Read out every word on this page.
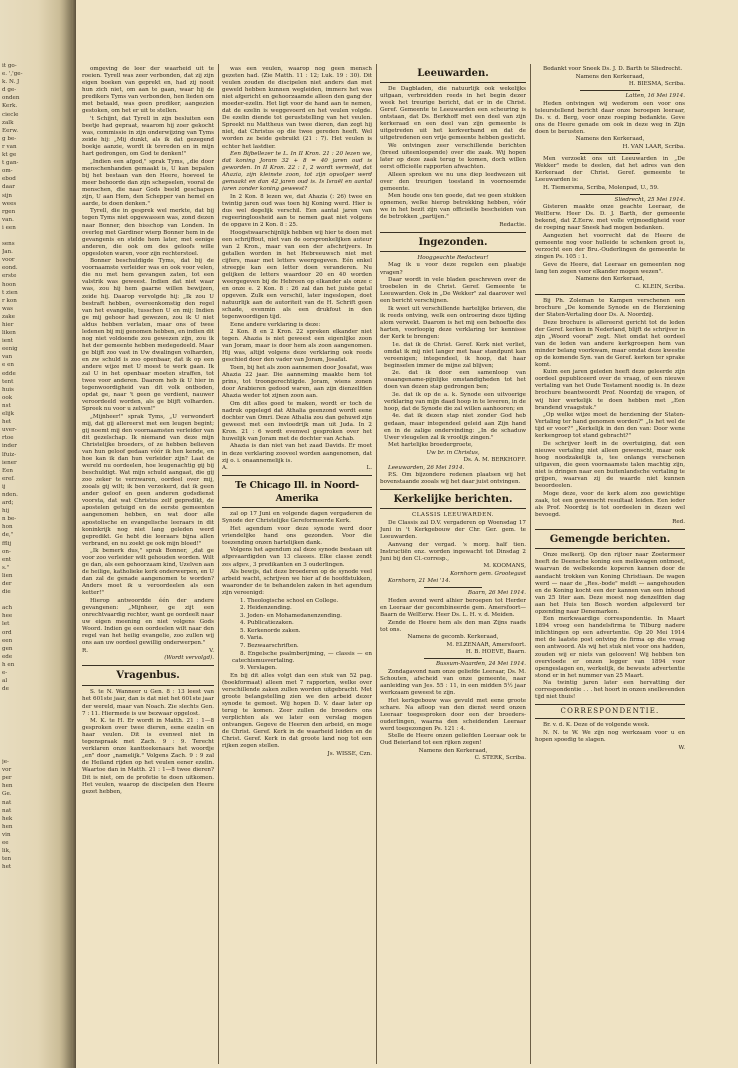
it go-
e. ','ge-
k. N. J
d ge-
onden
Kerk.
ciecle
zalk
Eerw.
g be-
r van
kt ge
t gan-
om-
ebod
daar
sijn
wees
rgen
van.
i een

sens
Jan.
voor
eond.
erste
hoon
t zien
r kon
was
zake
hier
liken
ient
eenig
van
e en
edde
tent
huis
ook
nst
elijk
het
uver-
rtoe
inder
lfuiz-
iener
Een
eref.
ij
nden.
ard;
hij
n be-
hon
de,"
fflij
on-
ent
s."
lien
der
die

ach
hee
let
ord
een
gen
ede
h en
e-
al
de

je-
vor
per
hen
Ge.
nat
nat
hek
hen
vin
ee
lik,
ten
het

omgeving de leer der waarheid uit te roeien. Tyrell was zeer verbonden, dat zij zijn eigen boeken van geprekt en, had zij nooit hun zich niet, om aan te gaan, waar hij de predikers Tyms van verbonden, hen lieden om met betaald, was geen prediker, aangezien gestoken, om het er uit te stellen.

't Schijnt, dat Tyrell in zijn besluiten een beetje had gepraat, waarom hij zoer gekocht was, commissie in zijn onderwijzing van Tyms zeide hij: „Mij dunkt, als ik dat gezegend boekje aanzie, wordt ik tevreden en in mijn hart gedrongen, om God te denken!"

„Indien een afgod," sprak Tyms, „die door menschenhanden gemaakt is, U kan bepalen bij het bestaan van den Heere, hoeveel te meer behoorde dan zijn schepselen, vooral de menschen, die naar Gods beeld geschapen zijn, U aan Hem, den Schepper van hemel en aarde, te doen denken."

Tyrell, die in gesprek wel merkte, dat bij tegen Tyms niet opgewassen was, zond dezen naar Bonner, den bisschop van Londen. In overleg met Gardiner wierp Bonner hem in de gevangenis en stelde hem later, met eenige anderen, die ook om des geloofs wille opgesloten waren, voor zijn rechterstoel.

Bonner beschuldigde Tyms, dat bij de voornaamste verleider was en ook voor velen, die nu met hem gevangen zaten, tot een valstrik was geweest. Indien dat niet waar was, zou hij hem gaarne willen bewijzen, zeide hij. Daarop vervolgde hij: „Ik zou U bestraft hebben, overeenkomstig den regel van het evangelie, tusschen U en mij: Indien ge mij gehoor had gewezen, zou ik U niet aldus hebben verlaten, maar ons of twee ledenen bij mij genomen hebben, en indien dit nog niet voldoende zou gewezen zijn, zou ik het der gemeente hebben medegedeeld. Maar ge blijft zoo vast in Uw dwalingen volharden, en zw schuld is zoo openbaar, dat ik op een andere wijze met U moest te werk gaan. Ik zal U in het openbaar moeten straffen, tot twee voor anderen. Daarom heb ik U hier in tegenwoordigheid van dit volk ontboden, opdat ge, naar 't geen ge verdient, nauwer veroordeeld worden, als ge blijft volharden. Spreek nu voor u zelven!"

„Mijnheer!" sprak Tyms, „U verwondert mij, dat gij allereerst met een leugen begint; gij noemt mij den voornaamsten verleider van dit gezelschap. Ik niemand van deze mijn Christelijke broeders, of ze hebben believen van hun geloof gedaan vóór ik hen kende, en hoe kan ik dan hun verleider zijn? Laat de wereld nu oordeelen, hoe leugenachtig gij bij beschuldigt. Wat mijn schuld aangaat, die gij zoo zeker te verzwaren, oordeel over mij, zooals gij wilt; ik ben verzekerd, dat ik geen ander geloof en geen anderen godsdienst voorsta, dat wat Christus zelf gepredikt, de apostelen getuigd en de eerste gemeenten aangenomen hebben, en wat door alle apostolische en evangelische leeraars in dit koninkrijk nog niet lang geleden werd gepredikt. Ge hebt die leeraars bijna allen verbrand, en nu zoekt ge ook mijn bloed!"

„Ik bemerk dus," sprak Bonner, „dat ge voor zoo verleider wilt gehouden worden. Wilt ge dan, als een gehoorzaam kind, Uzelven aan de heilige, katholieke kerk onderwerpen, en U dan zal de genade aangenomen te worden? Anders moet ik u veroordeelen als een ketter!"

Hierop antwoordde één der andere gevangenen: „Mijnheer, ge zijt een onrechtvaardig rechter, want ge oordeelt naar uw eigen meening en niet volgens Gods Woord. Indien ge een oordeelen wilt naar den regel van het heilig evangelie, zoo zullen wij ons aan uw oordeel gewillig onderwerpen."

R.	V.

(Wordt vervolgd).

Vragenbus.

S. te N. Wanneer u Gen. 8 : 13 leest van het 601ste jaar, dan is dat niet het 601ste jaar der wereld, maar van Noach. Zie slechts Gen. 7 : 11. Hiermede is uw bezwaar opgelost.

M. K. te H. Er wordt in Matth. 21 : 1—8 gesproken over twee dieren, eene ezelin en haar veulen. Dit is evenwel niet in tegenspraak met Zach. 9 : 9. Terecht verklaren onze kantteekenaars het woordje „en" door „namelijk." Volgens Zach. 9 : 9 zal de Heiland rijden op het veulen eener ezelin. Waartoe dan in Matth. 21 : 1—8 twee dieren? Dit is niet, om de profetie te doen uitkomen. Het veulen, waarop de discipelen den Heere gezet hebben,

was een veulen, waarop nog geen mensch gezeten had. (Zie Matth. 11 : 12; Luk. 19 : 30). Dit veulen zouden de discipelen niet anders dan met geweld hebben kunnen wegleiden, immers het was niet afgericht en gehoorzaamde alleen den gang der moeder-ezelin. Het ligt voor de hand aan te nemen, dat de ezelin is weggevoerd en het veulen volgde. De ezelin diende tot geruststelling van het veulen. Spreekt nu Mattheus van twee dieren, dan zegt hij niet, dat Christus op die twee gereden heeft. Wel worden ze beide gebruikt (21 : 7). Het veulen is echter het lastdier.

Een Bijbellezer te L. In II Kron. 21 : 20 lezen we, dat koning Joram 32 + 8 = 40 jaren oud is geworden. In II Kron. 22 : 1, 2 wordt vermeld, dat Ahazia, zijn kleinste zoon, tot zijn opvolger werd gemaakt en dan 42 jaren oud is. Is Israël en aantal jaren zonder koning geweest?

In 2 Kon. 8 lezen we, dat Ahazia (: 26) twee en twintig jaren oud was toen hij Koning werd. Hier is dus wel degelijk verschil. Een aantal jaren van regeeringloosheid aan te nemen gaat niet volgens de opgave in 2 Kon. 8 : 25.

Hoogstwaarschijnlijk hebben wij hier te doen met een schrijffout, niet van de oorspronkelijken auteur van 2 Kron., maar van een der afschrijvers. In getallen worden in het Hebreeuwsch niet met cijfers, maar met letters weergegeven. Eén enkel streepje kan een letter doen veranderen. Nu gelijken de letters waardoor 20 en 40 worden weergegeven bij de Hebreen op elkander als onze c en onze e. 2 Kon. 8 : 26 zal dan het juiste getal opgeven. Zulk een verschil, later ingeslopen, doet natuurlijk aan de autoriteit van de H. Schrift geen schade, evenmin als een drukfout in den tegenwoordigen tijd.

Eene andere verklaring is deze:

2 Kon. 8 en 2 Kron. 22 spreken elkander niet tegen. Ahazia is niet geweest een eigenlijke zoon van Joram, maar is door hem als zoon aangenomen. Hij was, altijd volgens deze verklaring ook reeds geschied door den vader van Joram, Josafat.

Toen, bij het als zoon aannemen door Josafat, was Ahazia 22 jaar. Die aanneming maakte hem tot prins, tot troongerechtigde. Joram, wiens zonen door Arabieren gedood waren, aan zijn dienzelfden Ahazia weder tot zijnen zoon aan.

Om dit alles goed te maken, wordt er toch de nadruk opgelegd dat Athalia geenzond wordt eene dochter van Omri. Deze Athalia zou dan gehuwd zijn geweest met een invloedrijk man uit Juda. In 2 Kron. 21 : 6 wordt evenwel gesproken over het huwelijk van Joram met de dochter van Achab.

Ahazia is dan niet van het zaad Davids. Er moet in deze verklaring zooveel worden aangenomen, dat zij o. i. onaannemelijk is.

A.	L.

Te Chicago Ill. in Noord-Amerika

zal op 17 Juni en volgende dagen vergaderen de Synode der Christelijke Gereformeerde Kerk.

Het agendum voor deze synode werd door vriendelijke hand ons gezonden. Voor die toezending onzen hartelijken dank.

Volgens het agendum zal deze synode bestaan uit afgevaardigden van 13 classes. Elke classe zendt zes afgev., 3 predikanten en 3 ouderlingen.

Als bewijs, dat deze broederen op de synode veel arbeid wacht, schrijven we hier af de hoofdstukken, waaronder de te behandelen zaken in het agendum zijn vereenigd:

1. Theologische school en College.

2. Heidenzending.

3. Joden- en Mohamedanenzending.

4. Publicatiezaken.

5. Kerkenorde zaken.

6. Varia.

7. Bezwaarschriften.

8. Engelsche psalmberijming, — classis — en catechismusvertaling.

9. Verslagen.

En bij dit alles volgt dan een stuk van 52 pag. (boekformaat) alleen met 7 rapporten, welke over verschillende zaken zullen worden uitgebracht. Met groote belangstelling zien we den arbeid dezer synode te gemoet. Wij hopen D. V. daar later op terug te komen. Zeer zullen de broeders ons verplichten als we later een verslag mogen ontvangen. Gegeve de Heeren den arbeid, en moge de Christ. Geref. Kerk in de waarheid leiden en de Christ. Geref. Kerk in dat groote land nog tot een rijken zegen stellen.

Js. WISSE, Czn.

Leeuwarden.

De Dagbladen, die natuurlijk ook wekelijks uitgaan, verbreidden reeds in het begin dezer week het treurige bericht, dat er in de Christ. Geref. Gemeente te Leeuwarden een scheuring is ontstaan, dat Ds. Berkhoff met een deel van zijn kerkeraad en een deel van zijn gemeente is uitgetreden uit het kerkverband en dat de uitgetredenen een vrije gemeente hebben gesticht.

We ontvingen zeer verschillende berichten (breed uiteenloopende) over die zaak. Wij hopen later op deze zaak terug te komen, doch willen eerst officieële rapporten afwachten.

Alleen spreken we nu uns diep leedwezen uit over den treurigen toestand in voornoemde gemeente.

Men houde ons ten goede, dat we geen stukken opnemen, welke hierop betrekking hebben, vóór we in het bezit zijn van officieële bescheiden van de betrokken „partijen."

Redactie.

Ingezonden.

Hooggeachte Redacteur!

Mag ik u voor deze regelen een plaatsje vragen?

Daar wordt in vele bladen geschreven over de troebelen in de Christ. Geref. Gemeente te Leeuwarden. Ook in „De Wekker" zal daarover wel een bericht verschijnen.

Ik weet uit verschillende hartelijke brieven, die ik reeds ontving, welk een ontroering deze tijding alom verwekt. Daarom is het mij een behoefte des harten, voorloopig deze verklaring ter kennisse der Kerk te brengen:

1e. dat ik de Christ. Geref. Kerk niet verliet, omdat ik mij niet langer met haar standpunt kan vereenigen; integendeel, ik hoop, dat haar beginselen immer de mijne zal blijven;

2e. dat ik door een samenloop van onaangename-pijnlijke omstandigheden tot het doen van dezen stap gedrongen ben;

3e. dat ik op de a. k. Synode een uitvoerige verklaring van mijn daad hoop in te leveren, in de hoop, dat de Synode die zal willen aanhooren; en

4e. dat ik dezen stap niet zonder God heb gedaan, maar integendeel geleid aan Zijn hand en in de zalige ondervinding: „In de schaduw Uwer vleugelen zal ik vroolijk zingen."

Met hartelijke broedergroete,

Uw br. in Christus,

Ds. A. M. BERKHOFF.

Leeuwarden, 26 Mei 1914.

P.S. Om bijzondere redenen plaatsen wij het bovenstaande zooals wij het daar juist ontvingen.

Kerkelijke berichten.

CLASSIS LEEUWARDEN.

De Classis zal D.V. vergaderen op Woensdag 17 Juni in 't Kerkgebouw der Chr. Ger. gem. te Leeuwarden.

Aanvang der vergad. 's morg. half tien. Instructiën enz. worden ingewacht tot Dinsdag 2 Juni bij den Cl.-corresp.,

M. KOOMANS,

Kornhorn gem. Grootegast

Kornhorn, 21 Mei '14.

Baarn, 26 Mei 1914.

Heden avond werd alhier beroepen tot Herder en Leeraar der gecombineerde gem. Amersfoort—Baarn de WelEerw. Heer Ds. L. H. v. d. Meiden.

Zende de Heere hem als den man Zijns raads tot ons.

Namens de gecomb. Kerkeraad,

M. ELZENAAR, Amersfoort.

H. B. HOEVE, Baarn.

Bussum-Naarden, 24 Mei 1914.

Zondagavond nam onze geliefde Leeraar, Ds. M. Schouten, afscheid van onze gemeente, naar aanleiding van Jes. 55 : 11, in een midden 5½ jaar werkzaam geweest te zijn.

Het kerkgebouw was gevuld met eene groote schare. Na afloop van den dienst werd onzen Leeraar toegesproken door een der broeders-ouderlingen, waarna den scheidenden Leeraar werd toegezongen Ps. 121 : 4.

Stelle de Heere onzen geliefden Leeraar ook te Oud Beierland tot een rijken zegen!

Namens den Kerkeraad,

C. STERK, Scriba.

Bedankt voor Sneek Ds. J. D. Barth te Sliedrecht.

Namens den Kerkeraad,

H. BIESMA, Scriba.

Latten, 16 Mei 1914.

Heden ontvingen wij wederom een voor ons teleurstellend bericht daar onze beroepen leeraar, Ds. v. d. Berg, voor onze roeping bedankte. Geve ons de Heere genade om ook in deze weg in Zijn doen te berusten.

Namens den Kerkeraad,

H. VAN LAAR, Scriba.

Men verzoekt ons uit Leeuwarden in „De Wekker" mede te deelen, dat het adres van den Kerkeraad der Christ. Geref. gemeente te Leeuwarden is:

H. Tiemersma, Scriba, Molenpad, U., 59.

Sliedrecht, 25 Mei 1914.

Gisteren maakte onze geachte Leeraar, de WelEerw. Heer Ds. D. J. Barth, der gemeente bekend, dat Z.Eerw. met volle vrijmoedigheid voor de roeping naar Sneek had mogen bedanken.

Aangezien het voorrecht dat de Heere de gemeente nog voor hulleide te schenken groot is, verzocht een der Bru.-Ouderlingen de gemeente te zingen Ps. 105 : 1.

Geve de Heere, dat Leeraar en gemeenten nog lang ten zegen voor elkander mogen wezen".

Namens den Kerkeraad,

C. KLEIN, Scriba.

Bij Ph. Zoleman te Kampen verschenen een brochure „De komende Synode en de Herziening der Staten-Vertaling door Ds. A. Noordzij.

Deze brochure is allereerst gericht tot de leden der Geref. kerken in Nederland, blijft de schrijver in zijn „Woord vooraf" zegt. Niet omdat het oordeel van de leden van andere kerkgroepen hem van minder belang voorkwam, maar omdat deze kwestie op de komende Syn. van de Geref. kerken ter sprake komt.

Kuim een jaren geleden heeft deze geleerde zijn oordeel gepubliceerd over de vraag, of een nieuwe vertaling van het Oude Testament noodig is. In deze brochure beantwoordt Prof. Noordzij de vragen, of wij hier werkelijk te doen hebben met „Een brandend vraagstuk."

„Op welke wijze moet de herziening der Staten-Vertaling ter hand genomen worden?" „Is het wel de tijd er voor?" „Kerkelijk in den den van: Door wene kerkengroep tot stand gebracht?"

De schrijver leeft in de overtuiging, dat een nieuwe vertaling niet alleen gewenscht, maar ook hoog noodzakelijk is, tee onlangs verschenen uitgaven, die geen voornaamste talen machtig zijn, niet is dringen naar een buitenlandsche vertaling te grijpen, waarvan zij de waarde niet kunnen beoordeelen.

Moge deze, voor de kerk alom zoo gewichtige zaak, tot een gewenscht resultaat leiden. Een ieder als Prof. Noordzij is tot oordeelen in dezen wel bevoegd.

Red.

Gemengde berichten.

Onze melkerij. Op den rijtoer naar Zoetermeer heeft de Deensche koning een melkwagen ontmoet, waarvan de welbekende koperen kannen door de aandacht trokken van Koning Christiaan. De wagen werd — naar de „Res.-bode" meldt — aangehouden en de Koning kocht een der kannen van een inhoud van 25 liter aan. Deze moest nog denzelfden dag aan het Huis ten Bosch worden afgeleverd ter opzending naar Denemarken.

Een merkwaardige correspondentie. In Maart 1894 vroeg een handelsfirma te Tilburg nadere inlichtingen op een advertentie. Op 20 Mei 1914 met de laatste post ontving de firma op die vraag een antwoord. Als wij het stuk niet voor ons hadden, zouden wij er niets van gelooven! Wij hebben ten overvloede er onzen legger van 1894 voor opengeslagen en, werkelijk, de bewuste advertentie stond er in het nummer van 25 Maart.

Na twintig jaren later een hervatting der correspondentie . . . het hoort in onzen snellevenden tijd niet thuis!

CORRESPONDENTIE.

Br. v. d. K. Deze of de volgende week.

N. N. te W. We zijn nog werkzaam voor u en hopen spoedig te slagen.

W.
